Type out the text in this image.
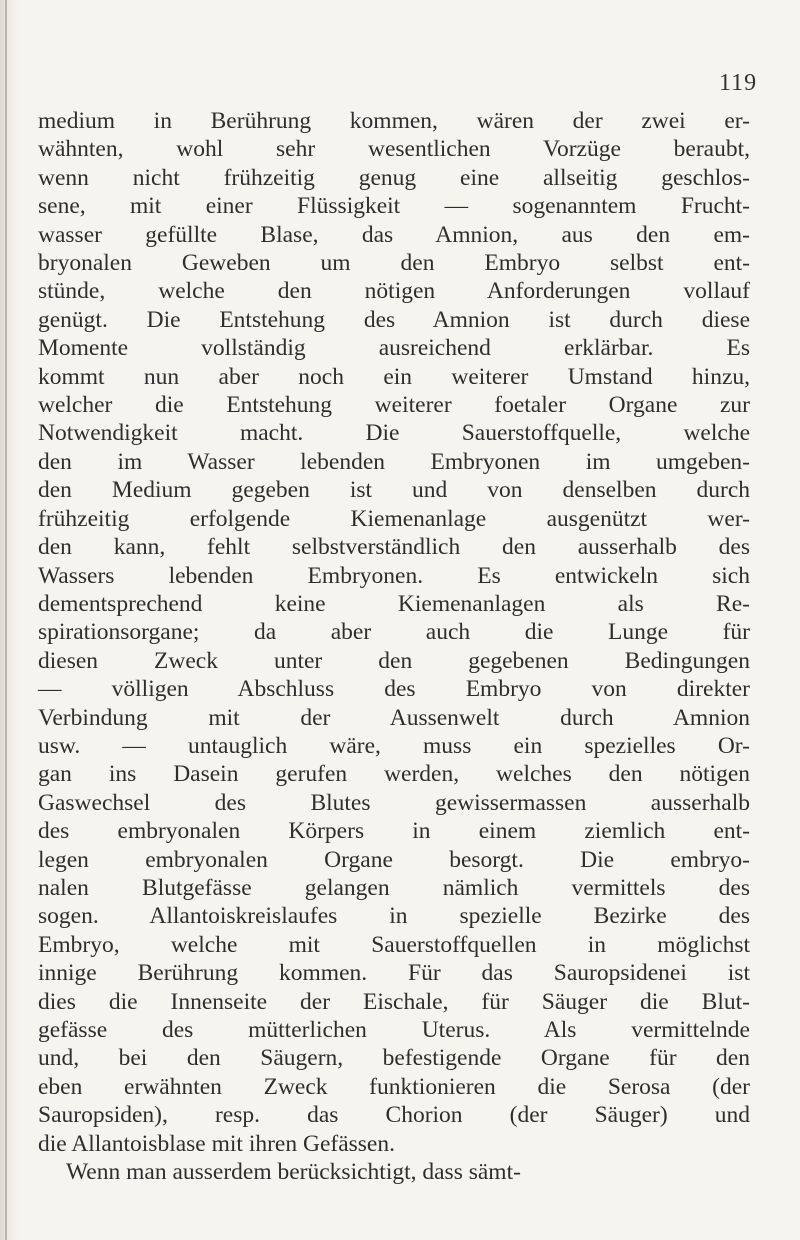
119
medium in Berührung kommen, wären der zwei er-
wähnten, wohl sehr wesentlichen Vorzüge beraubt,
wenn nicht frühzeitig genug eine allseitig geschlos-
sene, mit einer Flüssigkeit — sogenanntem Frucht-
wasser gefüllte Blase, das Amnion, aus den em-
bryonalen Geweben um den Embryo selbst ent-
stünde, welche den nötigen Anforderungen vollauf
genügt. Die Entstehung des Amnion ist durch diese
Momente vollständig ausreichend erklärbar. Es
kommt nun aber noch ein weiterer Umstand hinzu,
welcher die Entstehung weiterer foetaler Organe zur
Notwendigkeit macht. Die Sauerstoffquelle, welche
den im Wasser lebenden Embryonen im umgeben-
den Medium gegeben ist und von denselben durch
frühzeitig erfolgende Kiemenanlage ausgenützt wer-
den kann, fehlt selbstverständlich den ausserhalb des
Wassers lebenden Embryonen. Es entwickeln sich
dementsprechend keine Kiemenanlagen als Re-
spirationsorgane; da aber auch die Lunge für
diesen Zweck unter den gegebenen Bedingungen
— völligen Abschluss des Embryo von direkter
Verbindung mit der Aussenwelt durch Amnion
usw. — untauglich wäre, muss ein spezielles Or-
gan ins Dasein gerufen werden, welches den nötigen
Gaswechsel des Blutes gewissermassen ausserhalb
des embryonalen Körpers in einem ziemlich ent-
legen embryonalen Organe besorgt. Die embryo-
nalen Blutgefässe gelangen nämlich vermittels des
sogen. Allantoiskreislaufes in spezielle Bezirke des
Embryo, welche mit Sauerstoffquellen in möglichst
innige Berührung kommen. Für das Sauropsidenei ist
dies die Innenseite der Eischale, für Säuger die Blut-
gefässe des mütterlichen Uterus. Als vermittelnde
und, bei den Säugern, befestigende Organe für den
eben erwähnten Zweck funktionieren die Serosa (der
Sauropsiden), resp. das Chorion (der Säuger) und
die Allantoisblase mit ihren Gefässen.
Wenn man ausserdem berücksichtigt, dass sämt-
